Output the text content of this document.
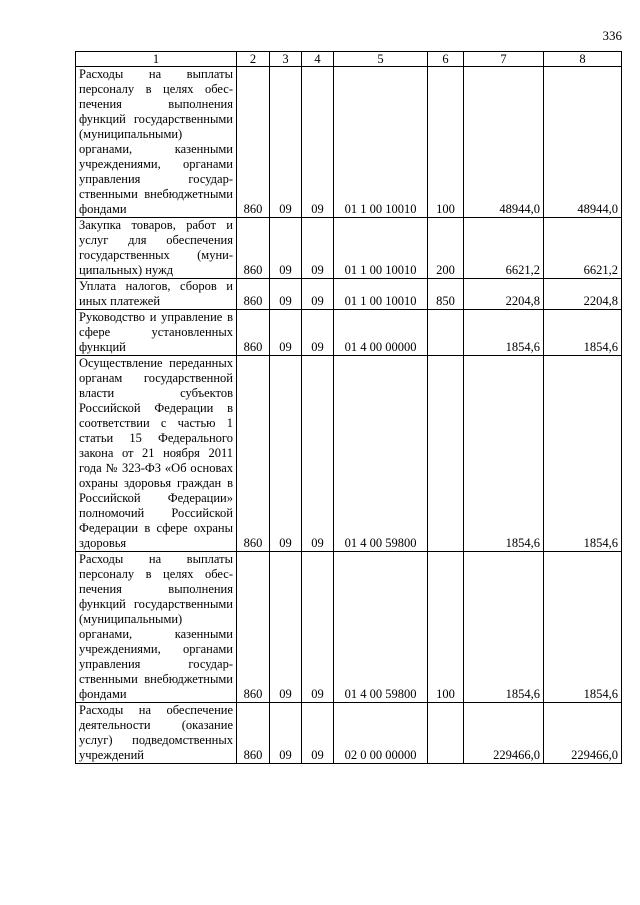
336
1	2	3	4	5	6	7	8
Расходы на выплаты персоналу в целях обеспечения выполнения функций государственными (муниципальными) органами, казенными учреждениями, органами управления государственными внебюджетными фондами	860	09	09	01 1 00 10010	100	48944,0	48944,0
Закупка товаров, работ и услуг для обеспечения государственных (муниципальных) нужд	860	09	09	01 1 00 10010	200	6621,2	6621,2
Уплата налогов, сборов и иных платежей	860	09	09	01 1 00 10010	850	2204,8	2204,8
Руководство и управление в сфере установленных функций	860	09	09	01 4 00 00000		1854,6	1854,6
Осуществление переданных органам государственной власти субъектов Российской Федерации в соответствии с частью 1 статьи 15 Федерального закона от 21 ноября 2011 года № 323-ФЗ «Об основах охраны здоровья граждан в Российской Федерации» полномочий Российской Федерации в сфере охраны здоровья	860	09	09	01 4 00 59800		1854,6	1854,6
Расходы на выплаты персоналу в целях обеспечения выполнения функций государственными (муниципальными) органами, казенными учреждениями, органами управления государственными внебюджетными фондами	860	09	09	01 4 00 59800	100	1854,6	1854,6
Расходы на обеспечение деятельности (оказание услуг) подведомственных учреждений	860	09	09	02 0 00 00000		229466,0	229466,0
